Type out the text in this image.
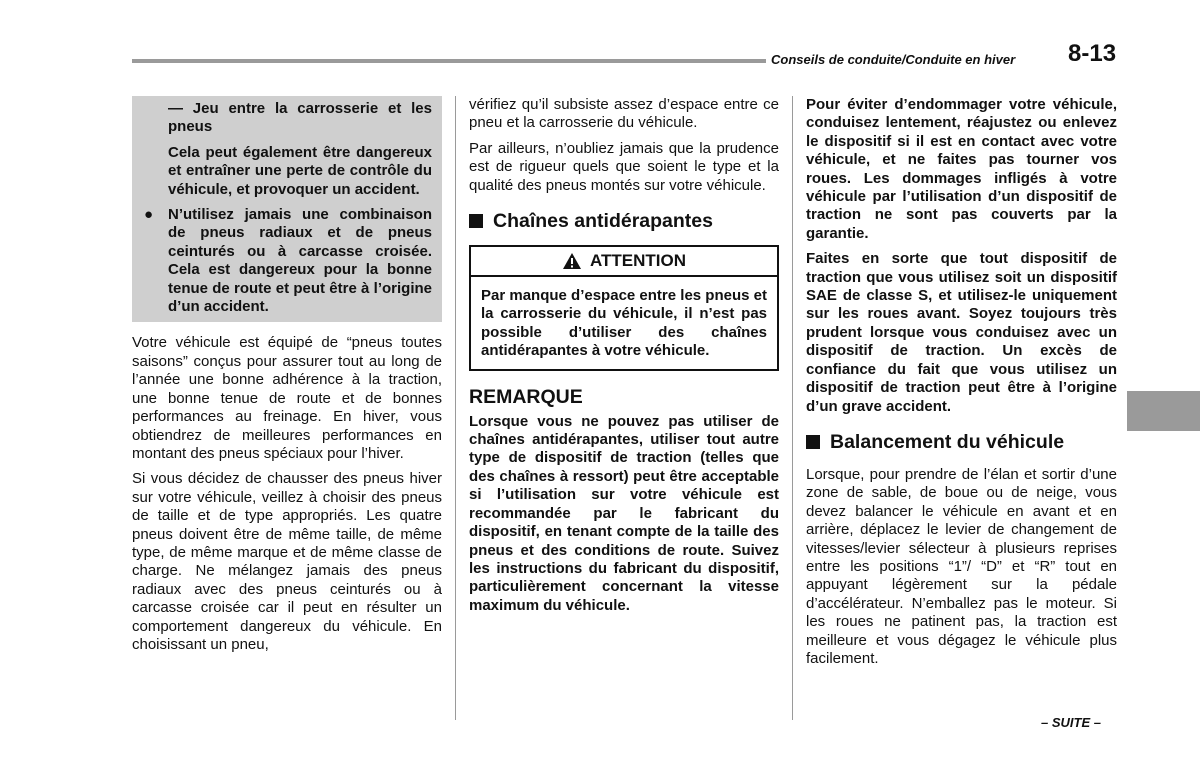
Conseils de conduite/Conduite en hiver 8-13

— Jeu entre la carrosserie et les pneus

Cela peut également être dangereux et entraîner une perte de contrôle du véhicule, et provoquer un accident.

● N’utilisez jamais une combinaison de pneus radiaux et de pneus ceinturés ou à carcasse croisée. Cela est dangereux pour la bonne tenue de route et peut être à l’origine d’un accident.

Votre véhicule est équipé de “pneus toutes saisons” conçus pour assurer tout au long de l’année une bonne adhérence à la traction, une bonne tenue de route et de bonnes performances au freinage. En hiver, vous obtiendrez de meilleures performances en montant des pneus spéciaux pour l’hiver.

Si vous décidez de chausser des pneus hiver sur votre véhicule, veillez à choisir des pneus de taille et de type appropriés. Les quatre pneus doivent être de même taille, de même type, de même marque et de même classe de charge. Ne mélangez jamais des pneus radiaux avec des pneus ceinturés ou à carcasse croisée car il peut en résulter un comportement dangereux du véhicule. En choisissant un pneu,

vérifiez qu’il subsiste assez d’espace entre ce pneu et la carrosserie du véhicule.

Par ailleurs, n’oubliez jamais que la prudence est de rigueur quels que soient le type et la qualité des pneus montés sur votre véhicule.

Chaînes antidérapantes
ATTENTION
Par manque d’espace entre les pneus et la carrosserie du véhicule, il n’est pas possible d’utiliser des chaînes antidérapantes à votre véhicule.
REMARQUE

Lorsque vous ne pouvez pas utiliser de chaînes antidérapantes, utiliser tout autre type de dispositif de traction (telles que des chaînes à ressort) peut être acceptable si l’utilisation sur votre véhicule est recommandée par le fabricant du dispositif, en tenant compte de la taille des pneus et des conditions de route. Suivez les instructions du fabricant du dispositif, particulièrement concernant la vitesse maximum du véhicule.

Pour éviter d’endommager votre véhicule, conduisez lentement, réajustez ou enlevez le dispositif si il est en contact avec votre véhicule, et ne faites pas tourner vos roues. Les dommages infligés à votre véhicule par l’utilisation d’un dispositif de traction ne sont pas couverts par la garantie.

Faites en sorte que tout dispositif de traction que vous utilisez soit un dispositif SAE de classe S, et utilisez-le uniquement sur les roues avant. Soyez toujours très prudent lorsque vous conduisez avec un dispositif de traction. Un excès de confiance du fait que vous utilisez un dispositif de traction peut être à l’origine d’un grave accident.

Balancement du véhicule

Lorsque, pour prendre de l’élan et sortir d’une zone de sable, de boue ou de neige, vous devez balancer le véhicule en avant et en arrière, déplacez le levier de changement de vitesses/levier sélecteur à plusieurs reprises entre les positions “1”/ “D” et “R” tout en appuyant légèrement sur la pédale d’accélérateur. N’emballez pas le moteur. Si les roues ne patinent pas, la traction est meilleure et vous dégagez le véhicule plus facilement.

– SUITE –
